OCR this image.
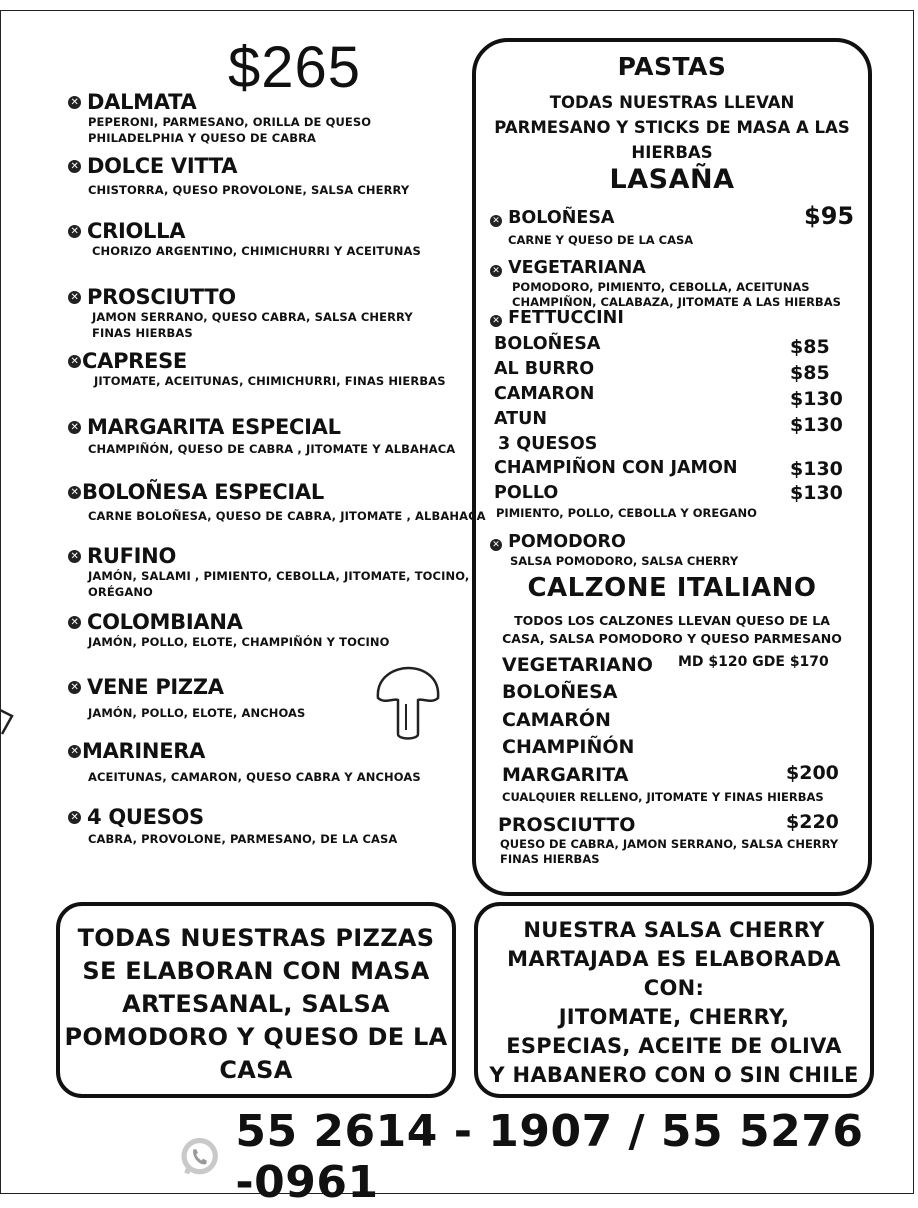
$265
✕ DALMATA
PEPERONI, PARMESANO, ORILLA DE QUESO
PHILADELPHIA Y QUESO DE CABRA
✕ DOLCE VITTA
CHISTORRA, QUESO PROVOLONE, SALSA CHERRY
✕ CRIOLLA
CHORIZO ARGENTINO, CHIMICHURRI Y ACEITUNAS
✕ PROSCIUTTO
JAMON SERRANO, QUESO CABRA, SALSA CHERRY
FINAS HIERBAS
✕ CAPRESE
JITOMATE, ACEITUNAS, CHIMICHURRI, FINAS HIERBAS
✕ MARGARITA ESPECIAL
CHAMPIÑÓN, QUESO DE CABRA , JITOMATE Y ALBAHACA
✕ BOLOÑESA ESPECIAL
CARNE BOLOÑESA, QUESO DE CABRA, JITOMATE , ALBAHACA
✕ RUFINO
JAMÓN, SALAMI , PIMIENTO, CEBOLLA, JITOMATE, TOCINO,
ORÉGANO
✕ COLOMBIANA
JAMÓN, POLLO, ELOTE, CHAMPIÑÓN Y TOCINO
✕ VENE PIZZA
JAMÓN, POLLO, ELOTE, ANCHOAS
✕ MARINERA
ACEITUNAS, CAMARON, QUESO CABRA Y ANCHOAS
✕ 4 QUESOS
CABRA, PROVOLONE, PARMESANO, DE LA CASA
PASTAS
TODAS NUESTRAS LLEVAN
PARMESANO Y STICKS DE MASA A LAS
HIERBAS
LASAÑA
✕ BOLOÑESA	$95
CARNE Y QUESO DE LA CASA
✕ VEGETARIANA
POMODORO, PIMIENTO, CEBOLLA, ACEITUNAS
CHAMPIÑON, CALABAZA, JITOMATE A LAS HIERBAS
✕ FETTUCCINI
BOLOÑESA	$85
AL BURRO	$85
CAMARON	$130
ATUN	$130
3 QUESOS
CHAMPIÑON CON JAMON	$130
POLLO	$130
PIMIENTO, POLLO, CEBOLLA Y OREGANO
✕ POMODORO
SALSA POMODORO, SALSA CHERRY
CALZONE ITALIANO
TODOS LOS CALZONES LLEVAN QUESO DE LA
CASA, SALSA POMODORO Y QUESO PARMESANO
VEGETARIANO MD $120 GDE $170
BOLOÑESA
CAMARÓN
CHAMPIÑÓN
MARGARITA	$200
CUALQUIER RELLENO, JITOMATE Y FINAS HIERBAS
PROSCIUTTO	$220
QUESO DE CABRA, JAMON SERRANO, SALSA CHERRY
FINAS HIERBAS
TODAS NUESTRAS PIZZAS
SE ELABORAN CON MASA
ARTESANAL, SALSA
POMODORO Y QUESO DE LA
CASA
NUESTRA SALSA CHERRY
MARTAJADA ES ELABORADA
CON:
JITOMATE, CHERRY,
ESPECIAS, ACEITE DE OLIVA
Y HABANERO CON O SIN CHILE
55 2614 - 1907 / 55 5276 -0961
